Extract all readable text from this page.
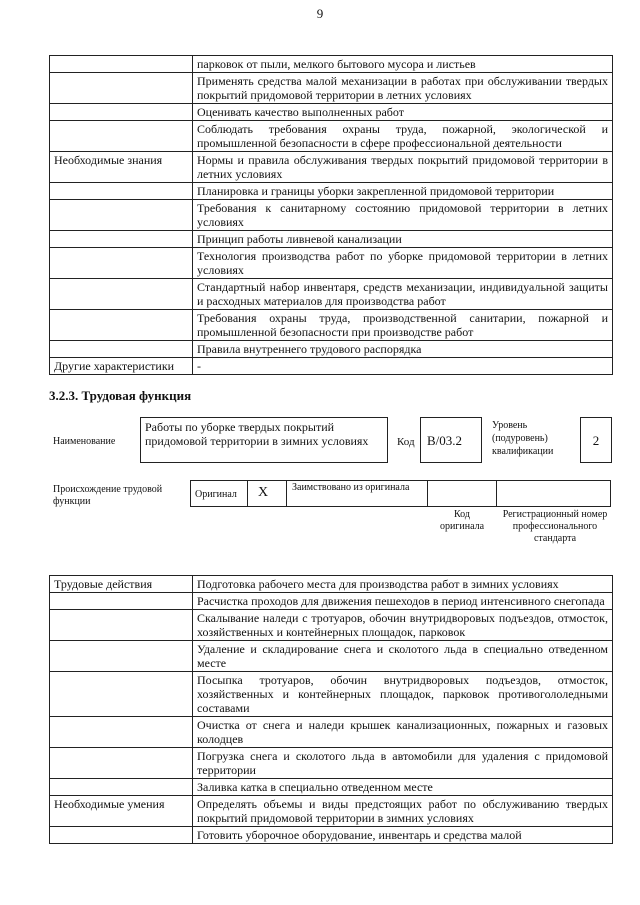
9
	парковок от пыли, мелкого бытового мусора и листьев
	Применять средства малой механизации в работах при обслуживании твердых покрытий придомовой территории в летних условиях
	Оценивать качество выполненных работ
	Соблюдать требования охраны труда, пожарной, экологической и промышленной безопасности в сфере профессиональной деятельности
Необходимые знания	Нормы и правила обслуживания твердых покрытий придомовой территории в летних условиях
	Планировка и границы уборки закрепленной придомовой территории
	Требования к санитарному состоянию придомовой территории в летних условиях
	Принцип работы ливневой канализации
	Технология производства работ по уборке придомовой территории в летних условиях
	Стандартный набор инвентаря, средств механизации, индивидуальной защиты и расходных материалов для производства работ
	Требования охраны труда, производственной санитарии, пожарной и промышленной безопасности при производстве работ
	Правила внутреннего трудового распорядка
Другие характеристики	-
3.2.3. Трудовая функция
Наименование
Работы по уборке твердых покрытий придомовой территории в зимних условиях	Код В/03.2
Уровень (подуровень) квалификации
2
Происхождение трудовой функции
Оригинал X Заимствовано из оригинала
Код оригинала
Регистрационный номер профессионального стандарта
Трудовые действия	Подготовка рабочего места для производства работ в зимних условиях
	Расчистка проходов для движения пешеходов в период интенсивного снегопада
	Скалывание наледи с тротуаров, обочин внутридворовых подъездов, отмосток, хозяйственных и контейнерных площадок, парковок
	Удаление и складирование снега и сколотого льда в специально отведенном месте
	Посыпка тротуаров, обочин внутридворовых подъездов, отмосток, хозяйственных и контейнерных площадок, парковок противогололедными составами
	Очистка от снега и наледи крышек канализационных, пожарных и газовых колодцев
	Погрузка снега и сколотого льда в автомобили для удаления с придомовой территории
	Заливка катка в специально отведенном месте
Необходимые умения	Определять объемы и виды предстоящих работ по обслуживанию твердых покрытий придомовой территории в зимних условиях
	Готовить уборочное оборудование, инвентарь и средства малой
